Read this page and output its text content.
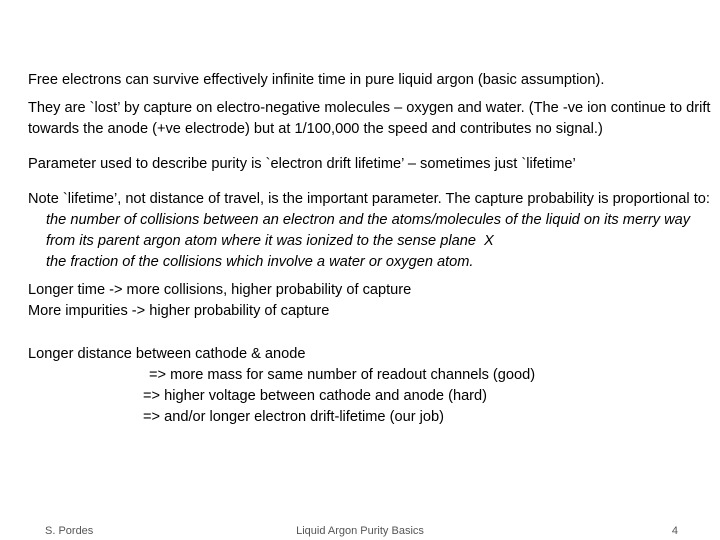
Free electrons can survive effectively infinite time in pure liquid argon (basic assumption).

They are `lost’ by capture on electro-negative molecules – oxygen and water. (The -ve ion continue to drift towards the anode (+ve electrode) but at 1/100,000 the speed and contributes no signal.)

Parameter used to describe purity is `electron drift lifetime’ – sometimes just `lifetime’

Note `lifetime’, not distance of travel, is the important parameter. The capture probability is proportional to:

the number of collisions between an electron and the atoms/molecules of the liquid on its merry way from its parent argon atom where it was ionized to the sense plane  X

the fraction of the collisions which involve a water or oxygen atom.

Longer time -> more collisions, higher probability of capture

More impurities -> higher probability of capture

Longer distance between cathode & anode

=> more mass for same number of readout channels (good)

=> higher voltage between cathode and anode (hard)

=> and/or longer electron drift-lifetime (our job)

S. Pordes	Liquid Argon Purity Basics	4
